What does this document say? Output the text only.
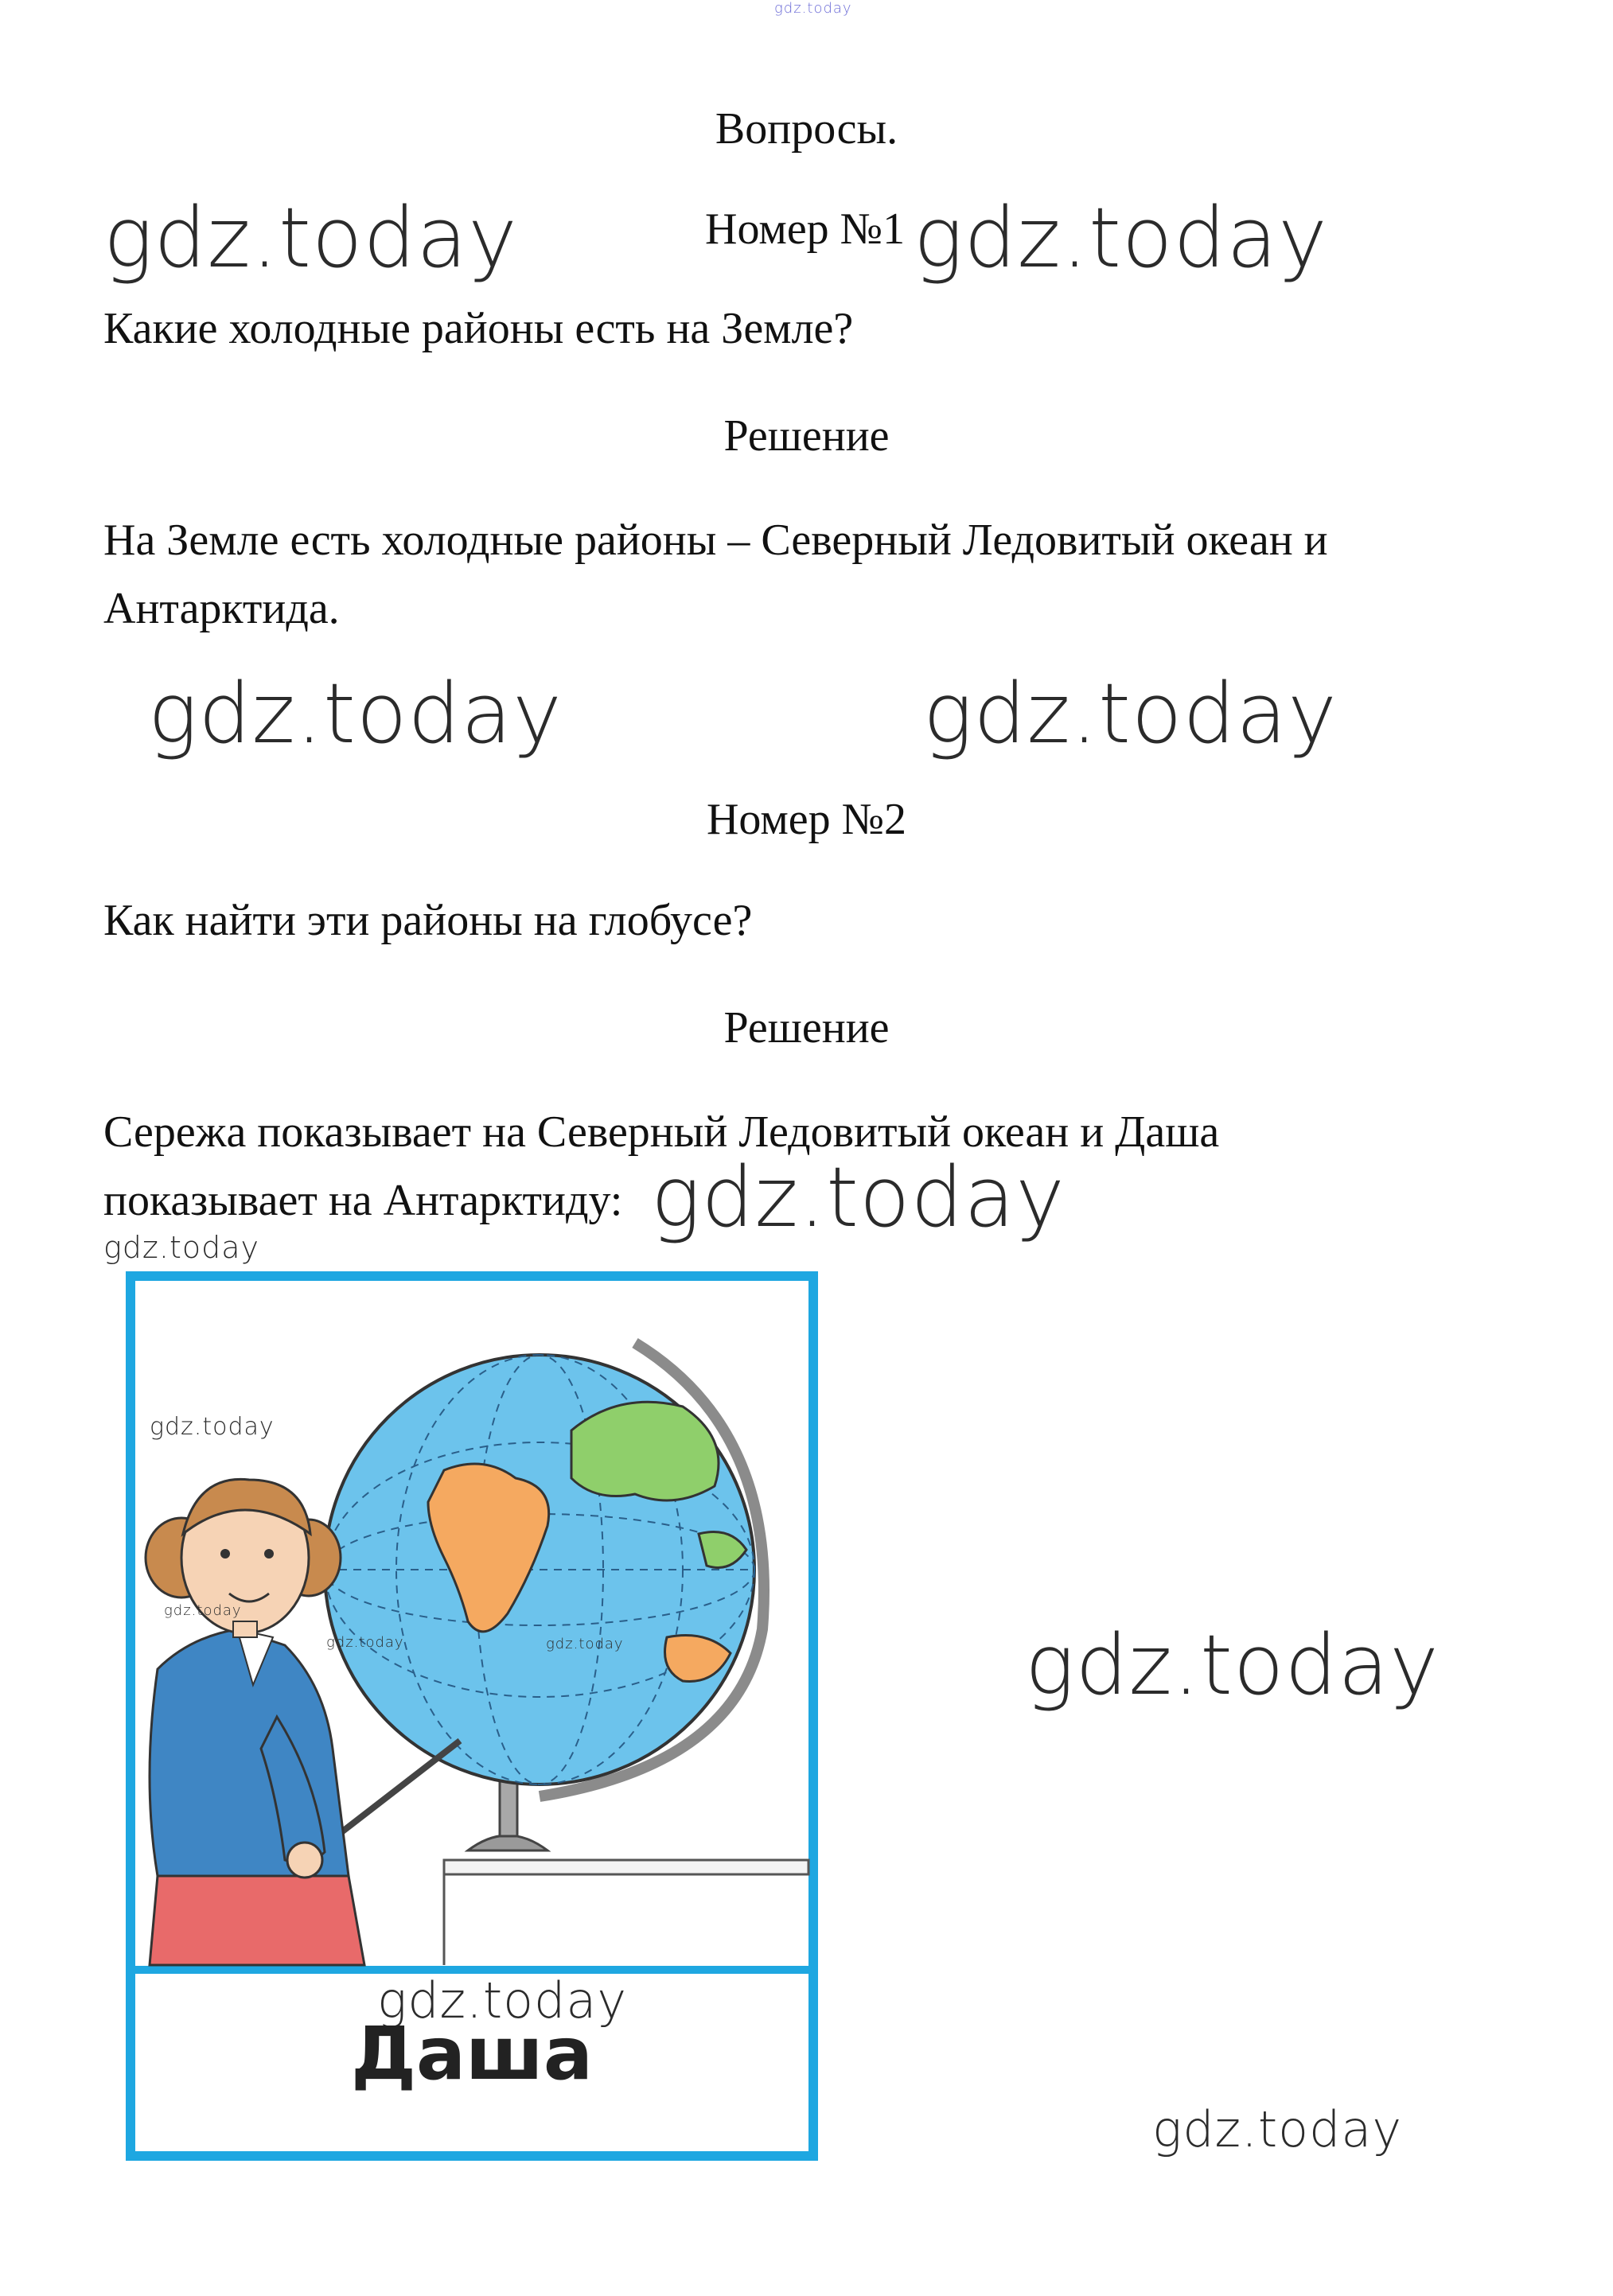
gdz.today
Вопросы.
gdz.today	Номер №1 gdz.today
Какие холодные районы есть на Земле?
Решение
На Земле есть холодные районы – Северный Ледовитый океан и
Антарктида.
gdz.today	gdz.today
Номер №2
Как найти эти районы на глобусе?
Решение
Сережа показывает на Северный Ледовитый океан и Даша
показывает на Антарктиду: gdz.today
gdz.today
gdz.today
gdz.today
gdz.today	gdz.today
gdz.today
Даша
gdz.today
gdz.today
